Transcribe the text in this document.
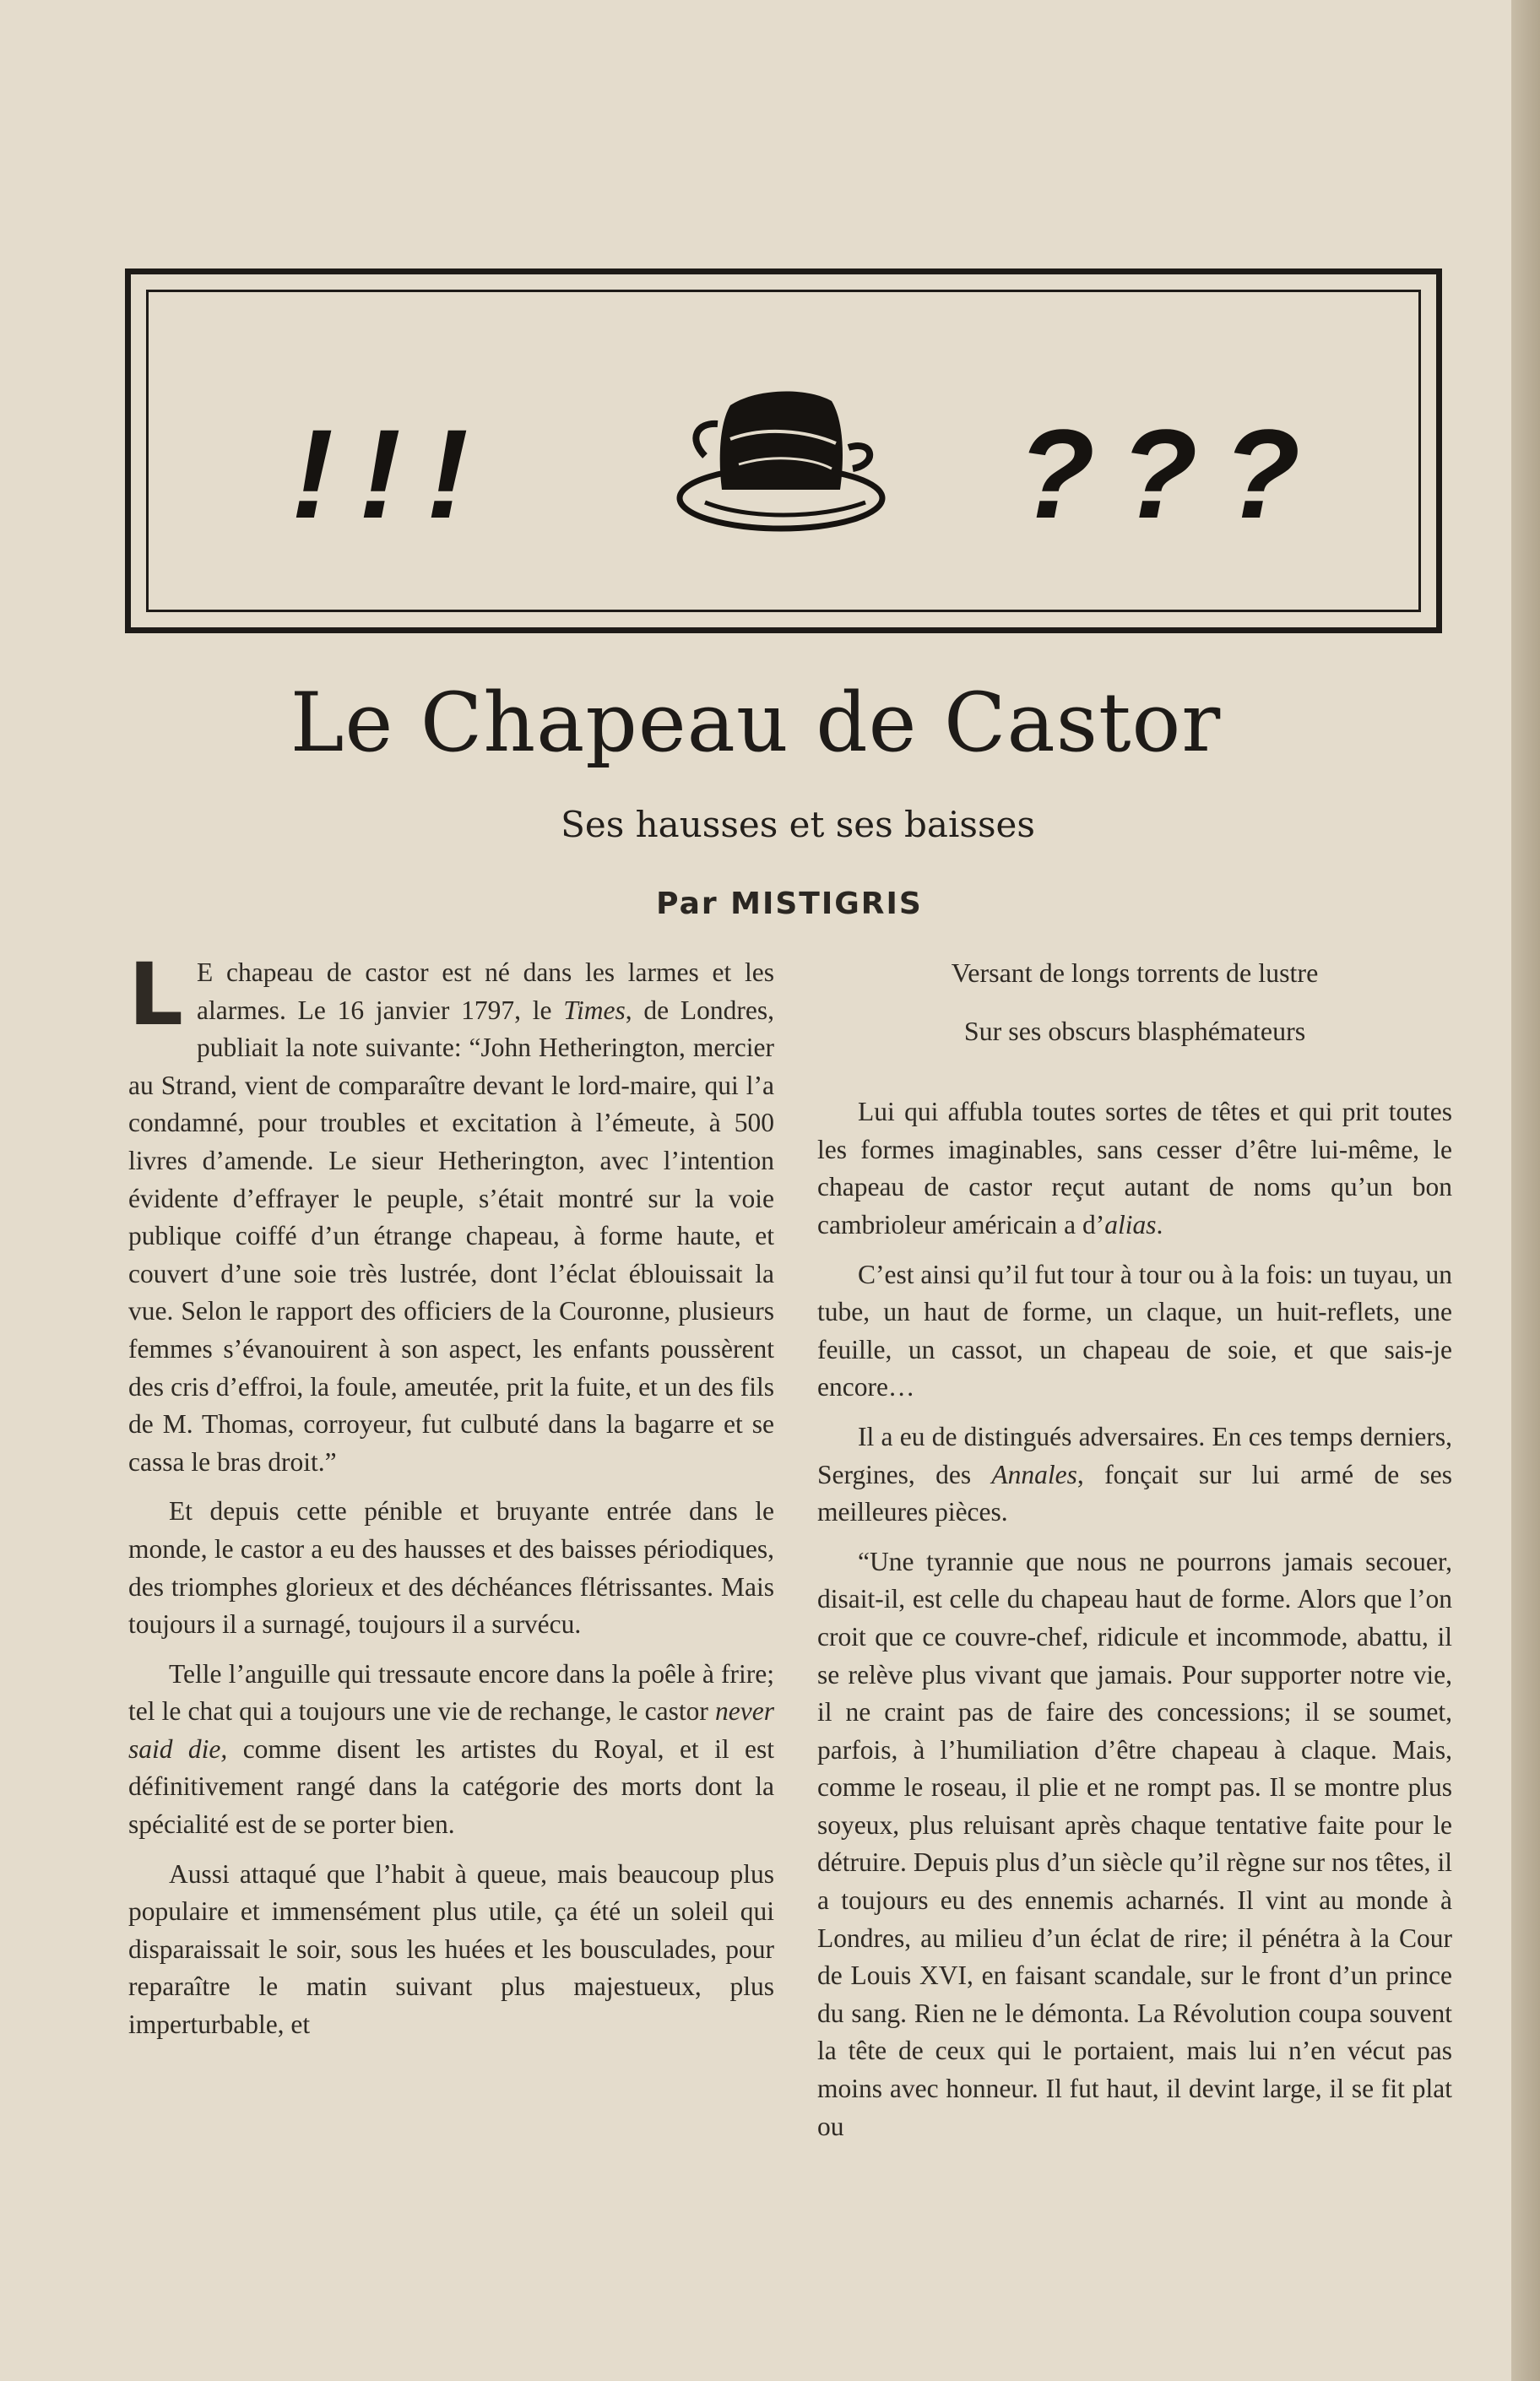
!!!	???
Le Chapeau de Castor
Ses hausses et ses baisses
Par MISTIGRIS

L E chapeau de castor est né dans les larmes et les alarmes. Le 16 janvier 1797, le Times, de Londres, publiait la note suivante: “John Hetherington, mercier au Strand, vient de comparaître devant le lord-maire, qui l’a condamné, pour troubles et excitation à l’émeute, à 500 livres d’amende. Le sieur Hetherington, avec l’intention évidente d’effrayer le peuple, s’était montré sur la voie publique coiffé d’un étrange chapeau, à forme haute, et couvert d’une soie très lustrée, dont l’éclat éblouissait la vue. Selon le rapport des officiers de la Couronne, plusieurs femmes s’évanouirent à son aspect, les enfants poussèrent des cris d’effroi, la foule, ameutée, prit la fuite, et un des fils de M. Thomas, corroyeur, fut culbuté dans la bagarre et se cassa le bras droit.”

Et depuis cette pénible et bruyante entrée dans le monde, le castor a eu des hausses et des baisses périodiques, des triomphes glorieux et des déchéances flétrissantes. Mais toujours il a surnagé, toujours il a survécu.

Telle l’anguille qui tressaute encore dans la poêle à frire; tel le chat qui a toujours une vie de rechange, le castor never said die, comme disent les artistes du Royal, et il est définitivement rangé dans la catégorie des morts dont la spécialité est de se porter bien.

Aussi attaqué que l’habit à queue, mais beaucoup plus populaire et immensément plus utile, ça été un soleil qui disparaissait le soir, sous les huées et les bousculades, pour reparaître le matin suivant plus majestueux, plus imperturbable, et

Versant de longs torrents de lustre

Sur ses obscurs blasphémateurs

Lui qui affubla toutes sortes de têtes et qui prit toutes les formes imaginables, sans cesser d’être lui-même, le chapeau de castor reçut autant de noms qu’un bon cambrioleur américain a d’alias.

C’est ainsi qu’il fut tour à tour ou à la fois: un tuyau, un tube, un haut de forme, un claque, un huit-reflets, une feuille, un cassot, un chapeau de soie, et que sais-je encore…

Il a eu de distingués adversaires. En ces temps derniers, Sergines, des Annales, fonçait sur lui armé de ses meilleures pièces.

“Une tyrannie que nous ne pourrons jamais secouer, disait-il, est celle du chapeau haut de forme. Alors que l’on croit que ce couvre-chef, ridicule et incommode, abattu, il se relève plus vivant que jamais. Pour supporter notre vie, il ne craint pas de faire des concessions; il se soumet, parfois, à l’humiliation d’être chapeau à claque. Mais, comme le roseau, il plie et ne rompt pas. Il se montre plus soyeux, plus reluisant après chaque tentative faite pour le détruire. Depuis plus d’un siècle qu’il règne sur nos têtes, il a toujours eu des ennemis acharnés. Il vint au monde à Londres, au milieu d’un éclat de rire; il pénétra à la Cour de Louis XVI, en faisant scandale, sur le front d’un prince du sang. Rien ne le démonta. La Révolution coupa souvent la tête de ceux qui le portaient, mais lui n’en vécut pas moins avec honneur. Il fut haut, il devint large, il se fit plat ou
